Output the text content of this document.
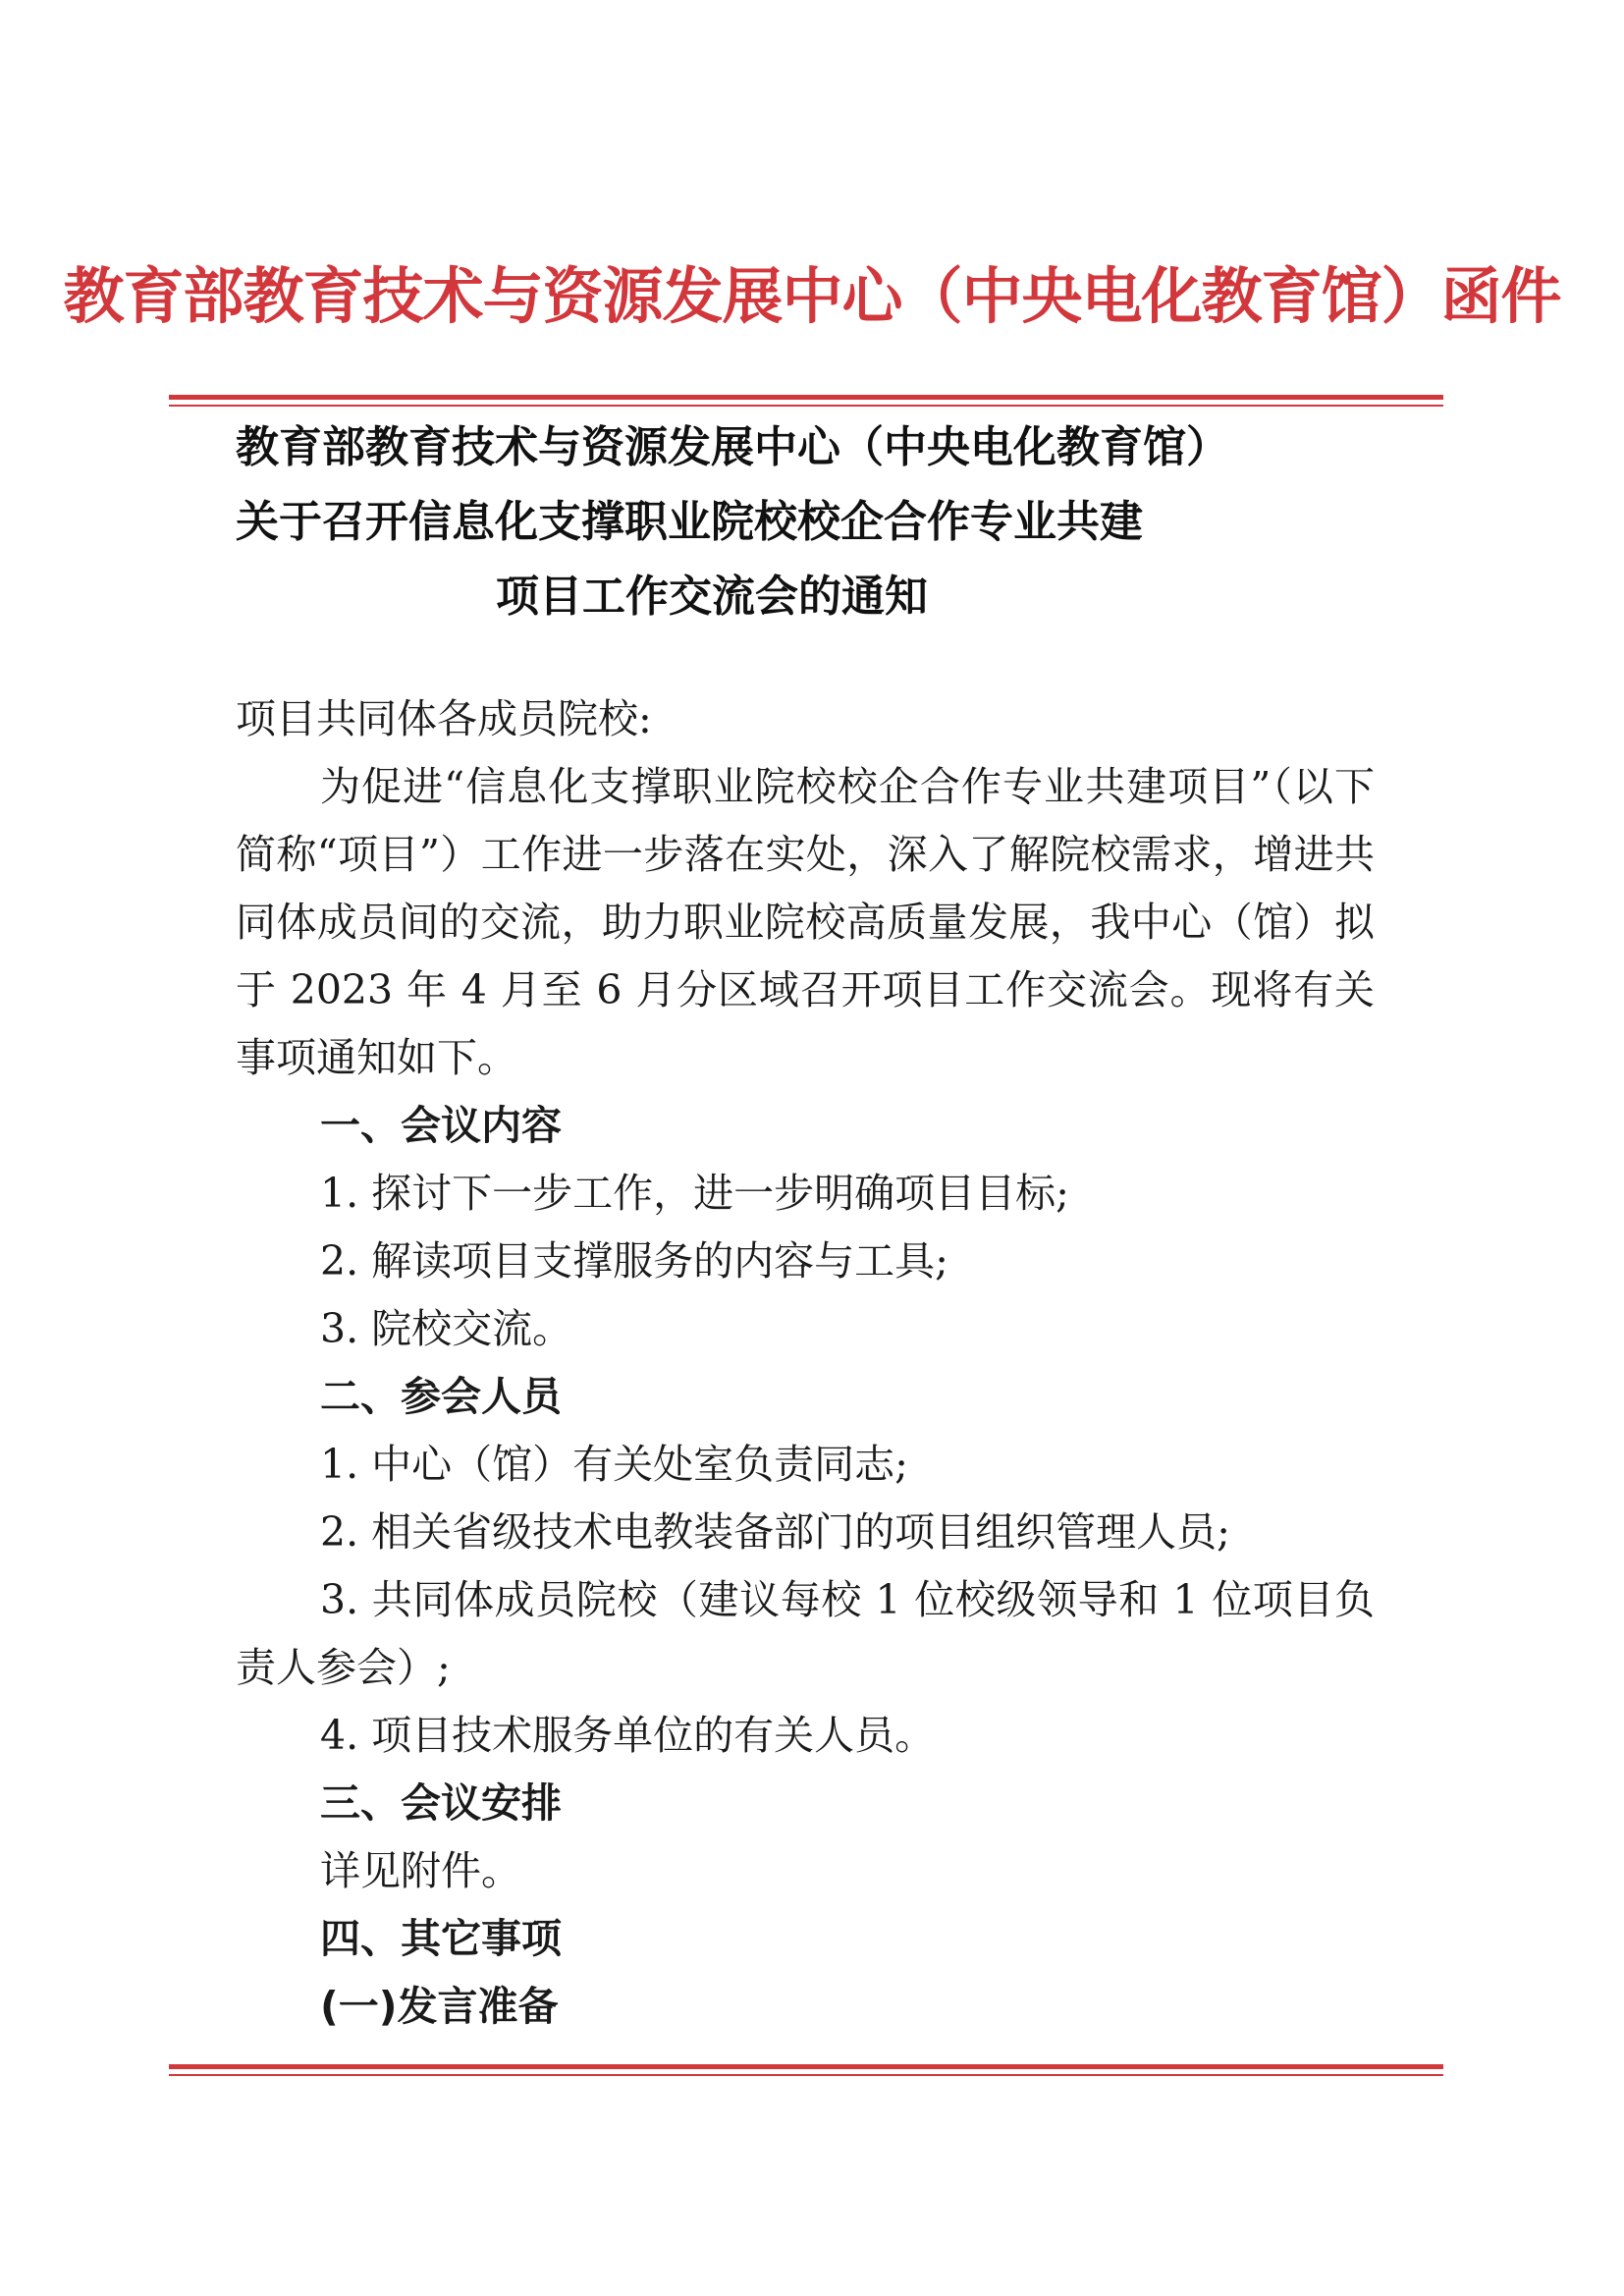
教育部教育技术与资源发展中心（中央电化教育馆）函件
教育部教育技术与资源发展中心（中央电化教育馆）
关于召开信息化支撑职业院校校企合作专业共建
项目工作交流会的通知

项目共同体各成员院校:

为促进“信息化支撑职业院校校企合作专业共建项目”（以下简称“项目”）工作进一步落在实处，深入了解院校需求，增进共同体成员间的交流，助力职业院校高质量发展，我中心（馆）拟于 2023 年 4 月至 6 月分区域召开项目工作交流会。现将有关事项通知如下。

一、会议内容

1. 探讨下一步工作，进一步明确项目目标;

2. 解读项目支撑服务的内容与工具;

3. 院校交流。

二、参会人员

1. 中心（馆）有关处室负责同志;

2. 相关省级技术电教装备部门的项目组织管理人员;

3. 共同体成员院校（建议每校 1 位校级领导和 1 位项目负责人参会）;

4. 项目技术服务单位的有关人员。

三、会议安排

详见附件。

四、其它事项

(一)发言准备
